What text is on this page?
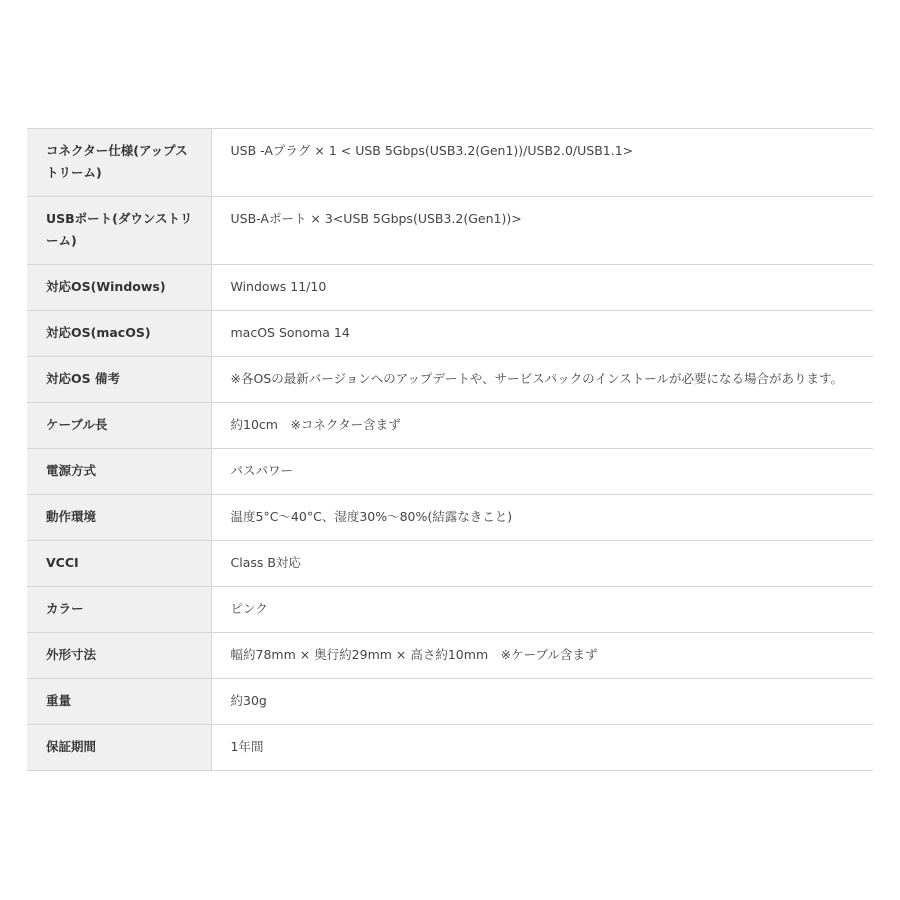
コネクター仕様(アップストリーム)	USB -Aプラグ × 1 < USB 5Gbps(USB3.2(Gen1))/USB2.0/USB1.1>

USBポート(ダウンストリーム)	USB-Aポート × 3<USB 5Gbps(USB3.2(Gen1))>
対応OS(Windows)	Windows 11/10
対応OS(macOS)	macOS Sonoma 14
対応OS 備考	※各OSの最新バージョンへのアップデートや、サービスパックのインストールが必要になる場合があります。
ケーブル長	約10cm　※コネクター含まず
電源方式	バスパワー
動作環境	温度5°C～40°C、湿度30%～80%(結露なきこと)
VCCI	Class B対応
カラー	ピンク
外形寸法	幅約78mm × 奥行約29mm × 高さ約10mm　※ケーブル含まず
重量	約30g
保証期間	1年間
